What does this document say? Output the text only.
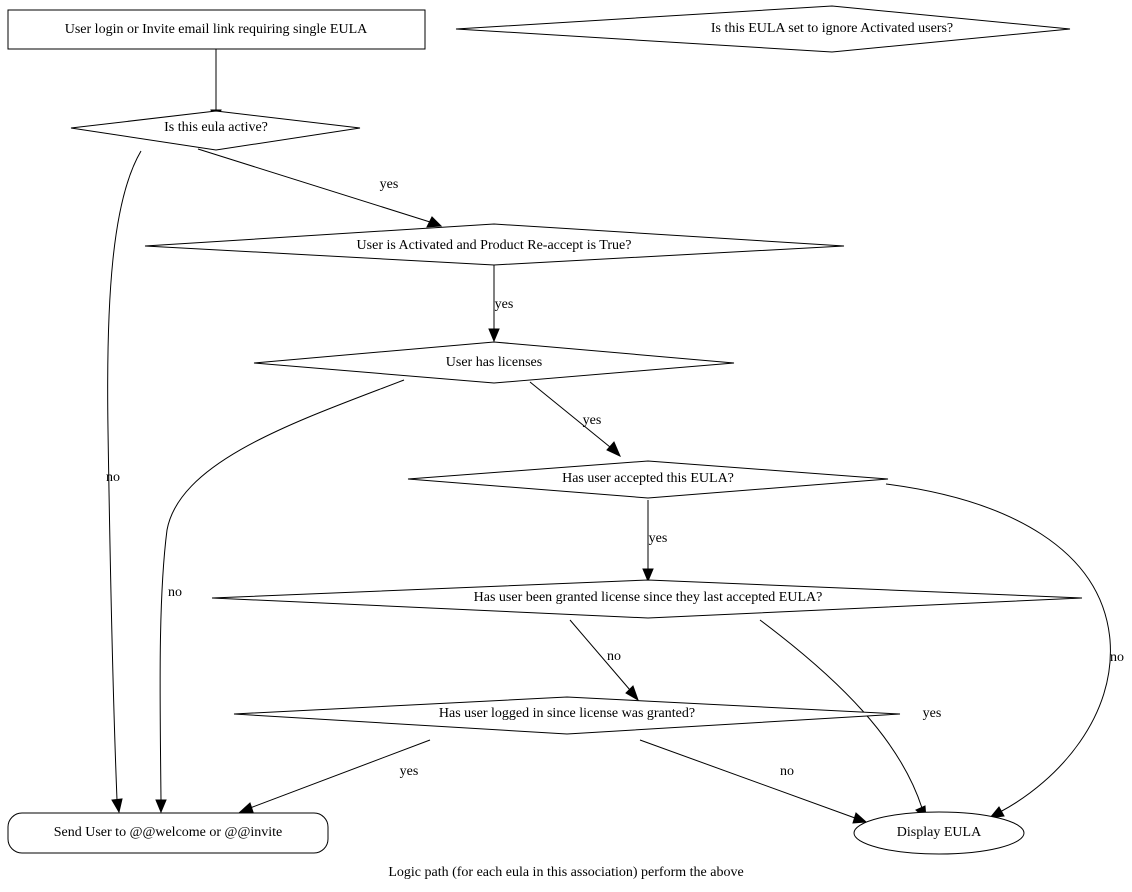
yes
no
yes
yes
no
yes
no
no
yes
yes	no
User login or Invite email link requiring single EULA	Is this EULA set to ignore Activated users?
Is this eula active?
User is Activated and Product Re-accept is True?
User has licenses
Has user accepted this EULA?
Has user been granted license since they last accepted EULA?
Has user logged in since license was granted?
Send User to @@welcome or @@invite	Display EULA
Logic path (for each eula in this association) perform the above
